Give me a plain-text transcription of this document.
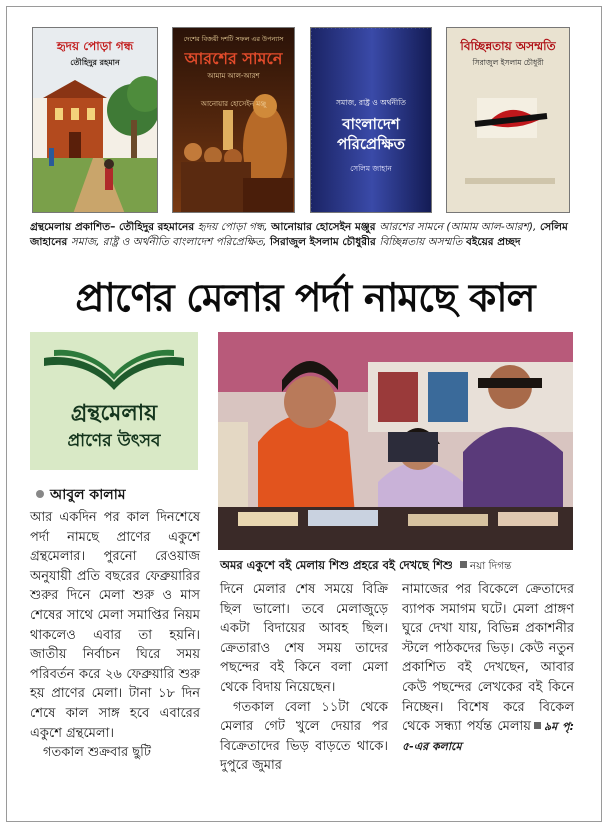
হৃদয় পোড়া গন্ধ
তৌহিদুর রহমান
দেশের বিজয়ী দশটি সফল এর উপন্যাস
আরশের সামনে
আমাম আল-আরশ
আনোয়ার হোসেইন মঞ্জু	সমাজ, রাষ্ট্র ও অর্থনীতি
বাংলাদেশ পরিপ্রেক্ষিত
সেলিম জাহান
বিচ্ছিন্নতায় অসম্মতি
সিরাজুল ইসলাম চৌধুরী
গ্রন্থমেলায় প্রকাশিত– তৌহিদুর রহমানের হৃদয় পোড়া গন্ধ, আনোয়ার হোসেইন মঞ্জুর আরশের সামনে (আমাম আল-আরশ), সেলিম জাহানের সমাজ, রাষ্ট্র ও অর্থনীতি বাংলাদেশ পরিপ্রেক্ষিত, সিরাজুল ইসলাম চৌধুরীর বিচ্ছিন্নতায় অসম্মতি বইয়ের প্রচ্ছদ
প্রাণের মেলার পর্দা নামছে কাল
গ্রন্থমেলায়
প্রাণের উৎসব
অমর একুশে বই মেলায় শিশু প্রহরে বই দেখছে শিশু নয়া দিগন্ত
আবুল কালাম

আর একদিন পর কাল দিনশেষে পর্দা নামছে প্রাণের একুশে গ্রন্থমেলার। পুরনো রেওয়াজ অনুযায়ী প্রতি বছরের ফেব্রুয়ারির শুরুর দিনে মেলা শুরু ও মাস শেষের সাথে মেলা সমাপ্তির নিয়ম থাকলেও এবার তা হয়নি। জাতীয় নির্বাচন ঘিরে সময় পরিবর্তন করে ২৬ ফেব্রুয়ারি শুরু হয় প্রাণের মেলা। টানা ১৮ দিন শেষে কাল সাঙ্গ হবে এবারের একুশে গ্রন্থমেলা।

গতকাল শুক্রবার ছুটি

দিনে মেলার শেষ সময়ে বিক্রি ছিল ভালো। তবে মেলাজুড়ে একটা বিদায়ের আবহ ছিল। ক্রেতারাও শেষ সময় তাদের পছন্দের বই কিনে বলা মেলা থেকে বিদায় নিয়েছেন।

গতকাল বেলা ১১টা থেকে মেলার গেট খুলে দেয়ার পর বিক্রেতাদের ভিড় বাড়তে থাকে। দুপুরে জুমার

নামাজের পর বিকেলে ক্রেতাদের ব্যাপক সমাগম ঘটে। মেলা প্রাঙ্গণ ঘুরে দেখা যায়, বিভিন্ন প্রকাশনীর স্টলে পাঠকদের ভিড়। কেউ নতুন প্রকাশিত বই দেখছেন, আবার কেউ পছন্দের লেখকের বই কিনে নিচ্ছেন। বিশেষ করে বিকেল থেকে সন্ধ্যা পর্যন্ত মেলায় ৯ম পৃ: ৫-এর কলামে
